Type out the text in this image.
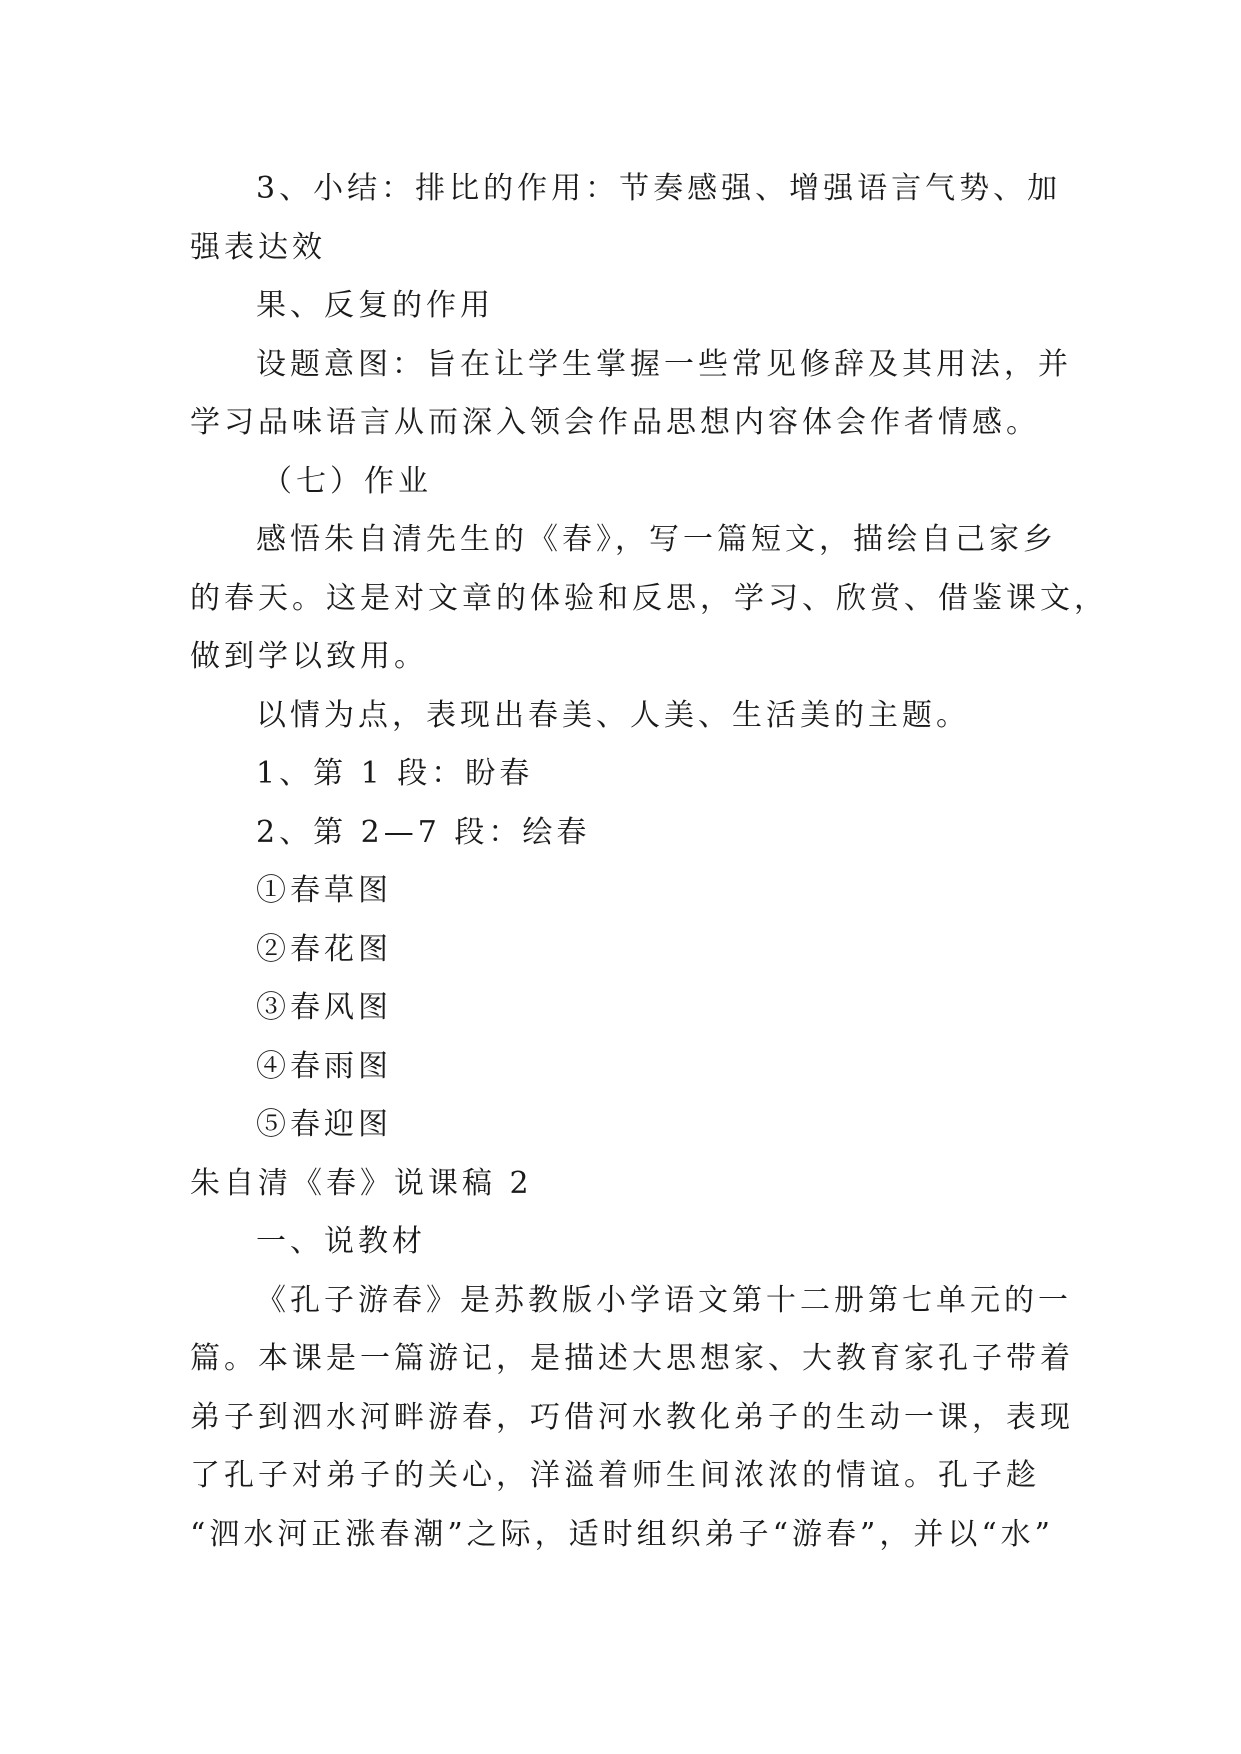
3、小结：排比的作用：节奏感强、增强语言气势、加

强表达效

果、反复的作用

设题意图：旨在让学生掌握一些常见修辞及其用法，并

学习品味语言从而深入领会作品思想内容体会作者情感。

（七）作业

感悟朱自清先生的《春》，写一篇短文，描绘自己家乡

的春天。这是对文章的体验和反思，学习、欣赏、借鉴课文，

做到学以致用。

以情为点，表现出春美、人美、生活美的主题。

1、第 1 段：盼春

2、第 2—7 段：绘春

①春草图

②春花图

③春风图

④春雨图

⑤春迎图

朱自清《春》说课稿 2

一、说教材

《孔子游春》是苏教版小学语文第十二册第七单元的一

篇。本课是一篇游记，是描述大思想家、大教育家孔子带着

弟子到泗水河畔游春，巧借河水教化弟子的生动一课，表现

了孔子对弟子的关心，洋溢着师生间浓浓的情谊。孔子趁

“泗水河正涨春潮”之际，适时组织弟子“游春”，并以“水”
